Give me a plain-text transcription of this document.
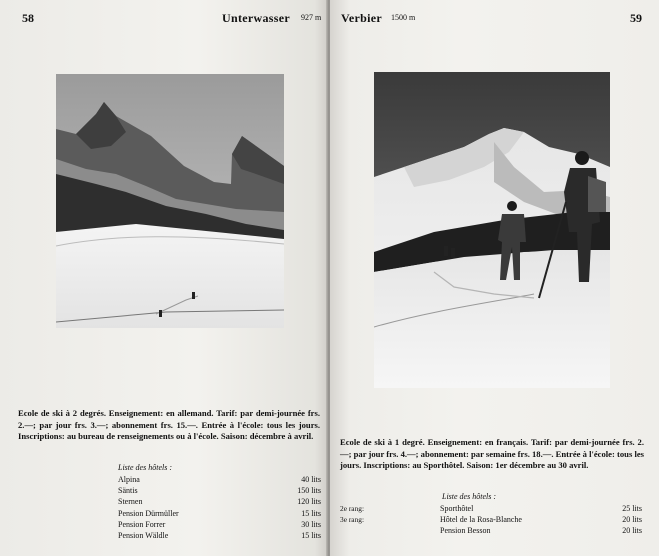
58	Unterwasser 927 m

Ecole de ski à 2 degrés. Enseignement: en allemand. Tarif: par demi-journée frs. 2.—; par jour frs. 3.—; abonnement frs. 15.—. Entrée à l'école: tous les jours. Inscriptions: au bureau de renseignements ou à l'école. Saison: décembre à avril.

Liste des hôtels :
Alpina	40 lits
Säntis	150 lits
Sternen	120 lits
Pension Dürmüller	15 lits
Pension Forrer	30 lits
Pension Wäldle	15 lits
Verbier 1500 m	59

Ecole de ski à 1 degré. Enseignement: en français. Tarif: par demi-journée frs. 2.—; par jour frs. 4.—; abonnement: par semaine frs. 18.—. Entrée à l'école: tous les jours. Inscriptions: au Sporthôtel. Saison: 1er décembre au 30 avril.

Liste des hôtels :
2e rang:	Sporthôtel	25 lits
3e rang:	Hôtel de la Rosa-Blanche	20 lits
	Pension Besson	20 lits
